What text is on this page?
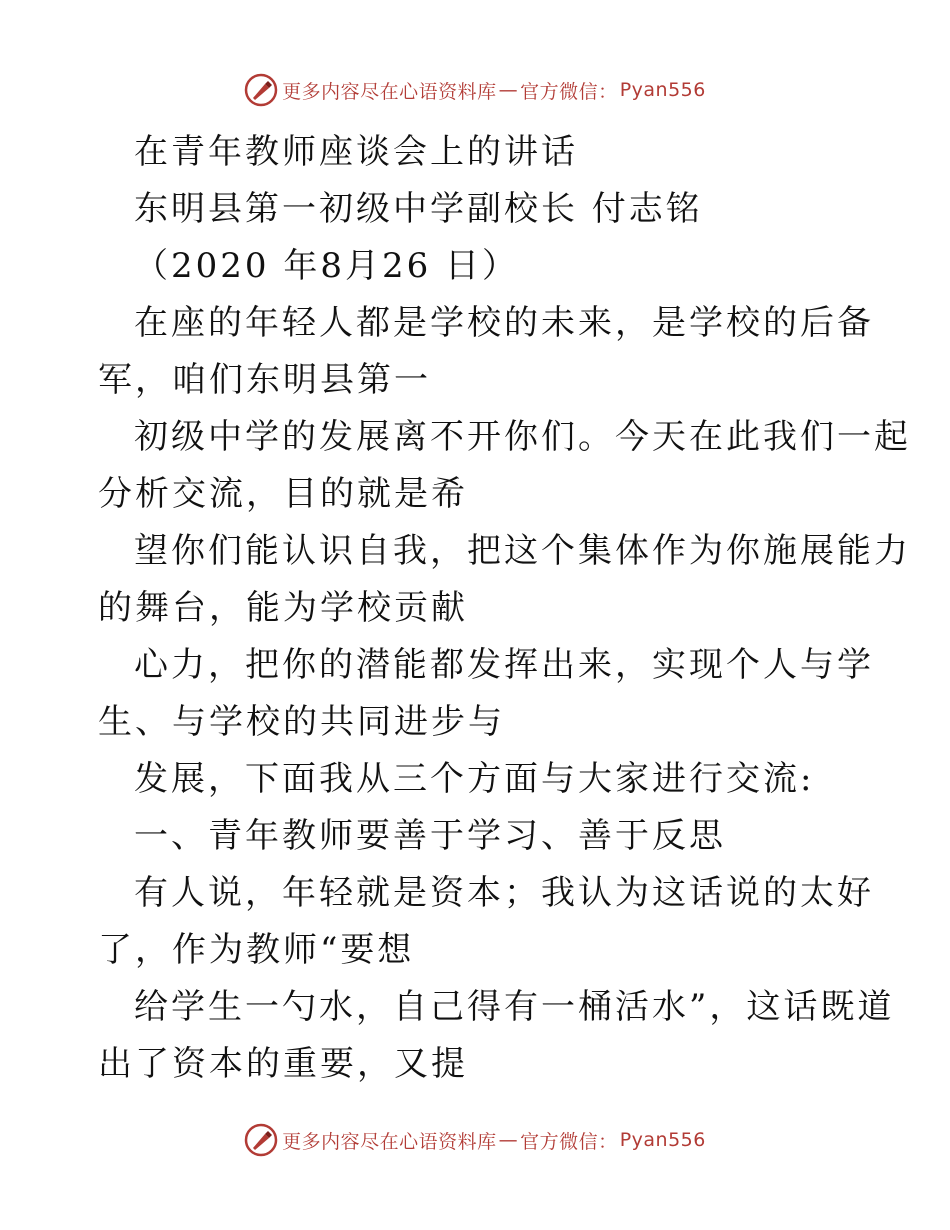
更多内容尽在心语资料库 — 官方微信： Pyan556
在青年教师座谈会上的讲话
东明县第一初级中学副校长 付志铭
（2020 年8月26 日）
在座的年轻人都是学校的未来，是学校的后备
军，咱们东明县第一
初级中学的发展离不开你们。今天在此我们一起
分析交流，目的就是希
望你们能认识自我，把这个集体作为你施展能力
的舞台，能为学校贡献
心力，把你的潜能都发挥出来，实现个人与学
生、与学校的共同进步与
发展，下面我从三个方面与大家进行交流:
一、青年教师要善于学习、善于反思
有人说，年轻就是资本；我认为这话说的太好
了，作为教师“要想
给学生一勺水，自己得有一桶活水”，这话既道
出了资本的重要，又提
更多内容尽在心语资料库 — 官方微信： Pyan556
